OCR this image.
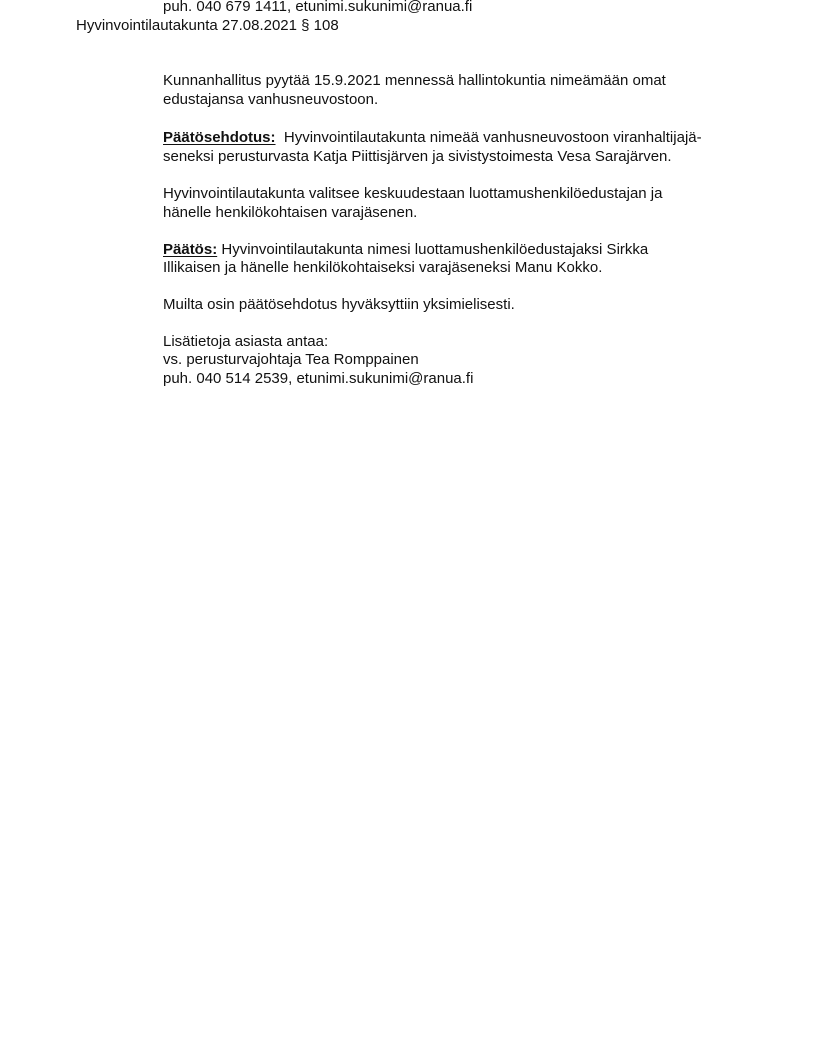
puh. 040 679 1411, etunimi.sukunimi@ranua.fi
Hyvinvointilautakunta 27.08.2021 § 108
Kunnanhallitus pyytää 15.9.2021 mennessä hallintokuntia nimeämään omat
edustajansa vanhusneuvostoon.
Päätösehdotus: Hyvinvointilautakunta nimeää vanhusneuvostoon viranhaltijajä-
seneksi perusturvasta Katja Piittisjärven ja sivistystoimesta Vesa Sarajärven.
Hyvinvointilautakunta valitsee keskuudestaan luottamushenkilöedustajan ja
hänelle henkilökohtaisen varajäsenen.
Päätös: Hyvinvointilautakunta nimesi luottamushenkilöedustajaksi Sirkka
Illikaisen ja hänelle henkilökohtaiseksi varajäseneksi Manu Kokko.
Muilta osin päätösehdotus hyväksyttiin yksimielisesti.
Lisätietoja asiasta antaa:
vs. perusturvajohtaja Tea Romppainen
puh. 040 514 2539, etunimi.sukunimi@ranua.fi
